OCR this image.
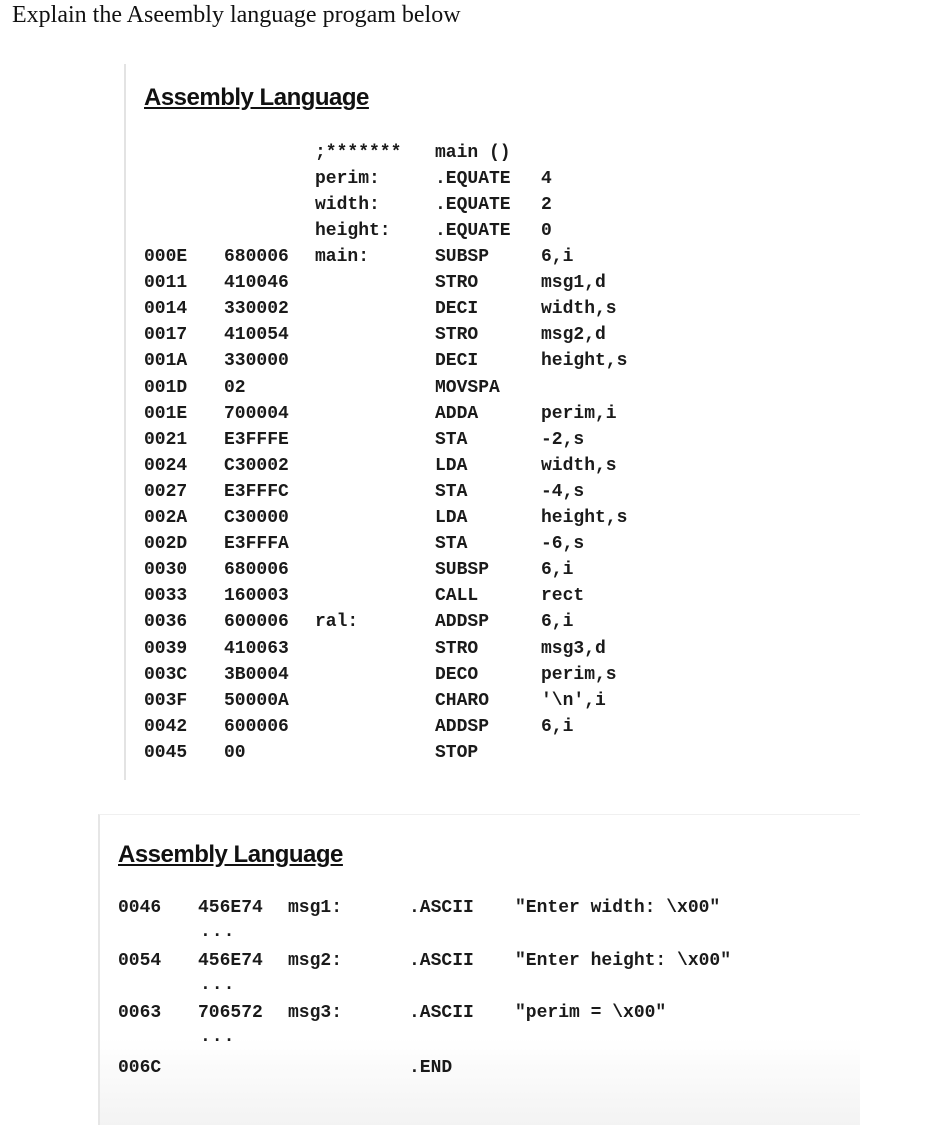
Explain the Aseembly language progam below
Assembly Language
;******* main ()
perim:	.EQUATE 4
width:	.EQUATE 2
height: .EQUATE 0
000E 680006 main:	SUBSP	6,i
0011 410046	STRO	msg1,d
0014 330002	DECI	width,s
0017 410054	STRO	msg2,d
001A 330000	DECI	height,s
001D 02	MOVSPA
001E 700004	ADDA	perim,i
0021 E3FFFE	STA	-2,s
0024 C30002	LDA	width,s
0027 E3FFFC	STA	-4,s
002A C30000	LDA	height,s
002D E3FFFA	STA	-6,s
0030 680006	SUBSP	6,i
0033 160003	CALL	rect
0036 600006 ral:	ADDSP	6,i
0039 410063	STRO	msg3,d
003C 3B0004	DECO	perim,s
003F 50000A	CHARO	'\n',i
0042 600006	ADDSP	6,i
0045 00	STOP
Assembly Language
0046 456E74 msg1:	.ASCII "Enter width: \x00"
...
0054 456E74 msg2:	.ASCII "Enter height: \x00"
...
0063 706572 msg3:	.ASCII "perim = \x00"
...
006C	.END
